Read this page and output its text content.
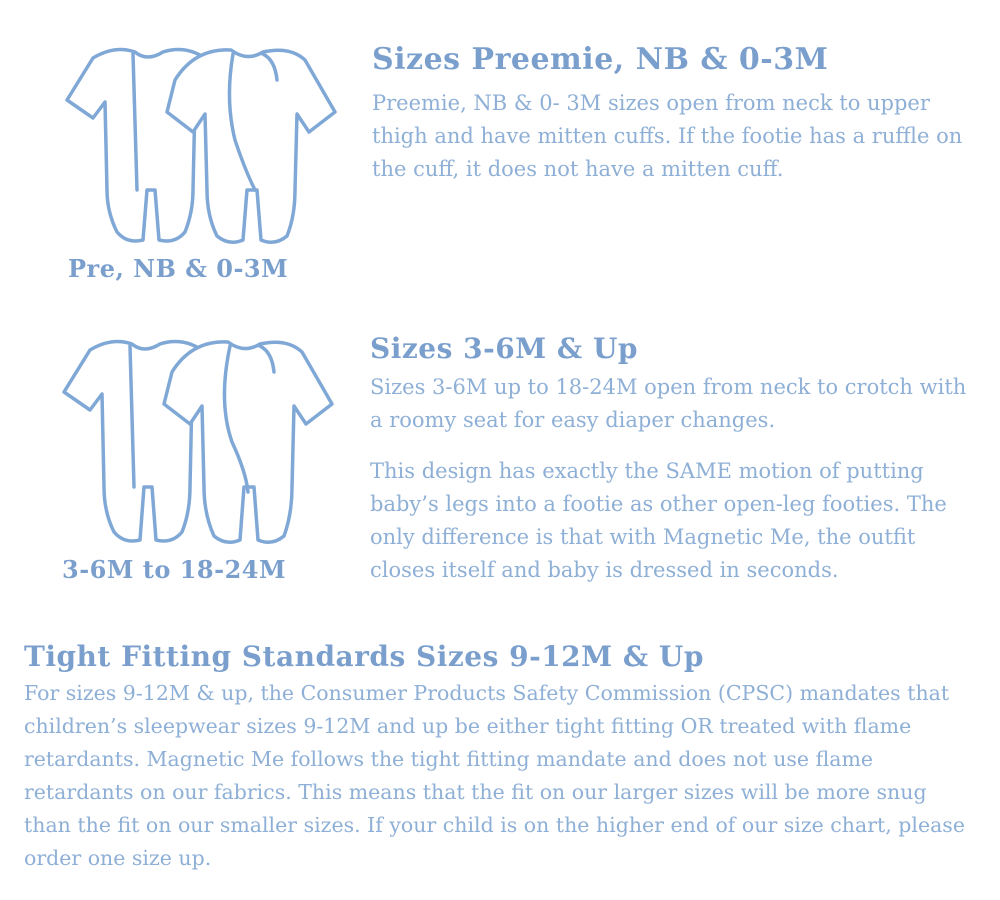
Pre, NB & 0-3M
Sizes Preemie, NB & 0-3M

Preemie, NB & 0- 3M sizes open from neck to upper thigh and have mitten cuffs. If the footie has a ruffle on the cuff, it does not have a mitten cuff.

3-6M to 18-24M
Sizes 3-6M & Up

Sizes 3-6M up to 18-24M open from neck to crotch with a roomy seat for easy diaper changes.

This design has exactly the SAME motion of putting baby’s legs into a footie as other open-leg footies. The only difference is that with Magnetic Me, the outfit closes itself and baby is dressed in seconds.

Tight Fitting Standards Sizes 9-12M & Up

For sizes 9-12M & up, the Consumer Products Safety Commission (CPSC) mandates that children’s sleepwear sizes 9-12M and up be either tight fitting OR treated with flame retardants. Magnetic Me follows the tight fitting mandate and does not use flame retardants on our fabrics. This means that the fit on our larger sizes will be more snug than the fit on our smaller sizes. If your child is on the higher end of our size chart, please order one size up.
